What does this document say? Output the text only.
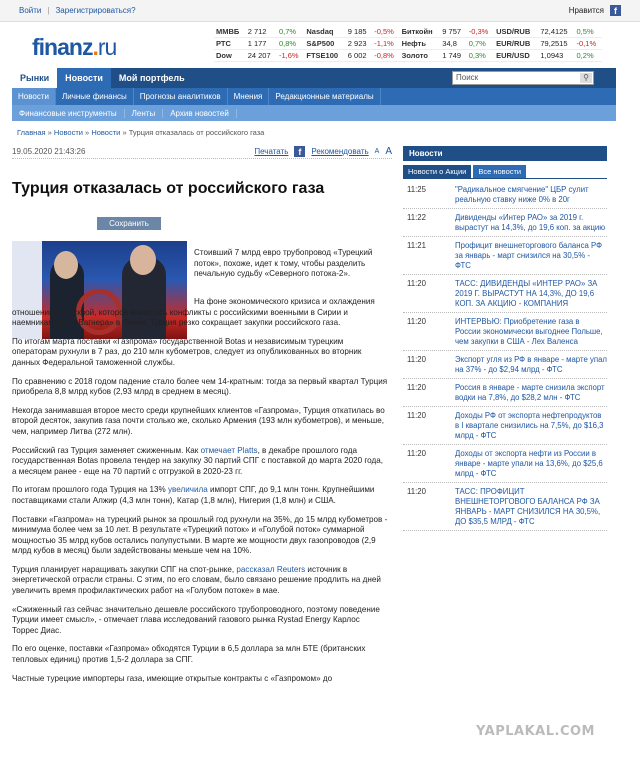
Войти | Зарегистрироваться?	Нравится	f
finanz.ru
ММВБ	2 712	0,7%	Nasdaq	9 185	-0,5%	Биткойн	9 757	-0,3%	USD/RUB	72,4125	0,5%
РТС	1 177	0,8%	S&P500	2 923	-1,1%	Нефть	34,8	0,7%	EUR/RUB	79,2515	-0,1%
Dow	24 207	-1,6%	FTSE100	6 002	-0,8%	Золото	1 749	0,3%	EUR/USD	1,0943	0,2%
Рынки	Новости	Мой портфель	Поиск	⚲
Новости	Личные финансы	Прогнозы аналитиков	Мнения	Редакционные материалы
Финансовые инструменты	Ленты	Архив новостей
Главная » Новости » Новости » Турция отказалась от российского газа
19.05.2020 21:43:26	Печатать	f	Рекомендовать A A
Турция отказалась от российского газа
Сохранить

Стоивший 7 млрд евро трубопровод «Турецкий поток», похоже, идет к тому, чтобы разделить печальную судьбу «Северного потока-2».

На фоне экономического кризиса и охлаждения отношений с Москвой, которое вылилось конфликты с российскими военными в Сирии и наемникам ЧВК «Вагнера» в Ливии, Турция резко сокращает закупки российского газа.

По итогам марта поставки «Газпрома» государственной Botas и независимым турецким операторам рухнули в 7 раз, до 210 млн кубометров, следует из опубликованных во вторник данных Федеральной таможенной службы.

По сравнению с 2018 годом падение стало более чем 14-кратным: тогда за первый квартал Турция приобрела 8,8 млрд кубов (2,93 млрд в среднем в месяц).

Некогда занимавшая второе место среди крупнейших клиентов «Газпрома», Турция откатилась во второй десяток, закупив газа почти столько же, сколько Армения (193 млн кубометров), и меньше, чем, например Литва (272 млн).

Российский газ Турция заменяет сжиженным. Как отмечает Platts, в декабре прошлого года государственная Botas провела тендер на закупку 30 партий СПГ с поставкой до марта 2020 года, а месяцем ранее - еще на 70 партий с отгрузкой в 2020-23 гг.

По итогам прошлого года Турция на 13% увеличила импорт СПГ, до 9,1 млн тонн. Крупнейшими поставщиками стали Алжир (4,3 млн тонн), Катар (1,8 млн), Нигерия (1,8 млн) и США.

Поставки «Газпрома» на турецкий рынок за прошлый год рухнули на 35%, до 15 млрд кубометров - минимума более чем за 10 лет. В результате «Турецкий поток» и «Голубой поток» суммарной мощностью 35 млрд кубов остались полупустыми. В марте же мощности двух газопроводов (2,9 млрд кубов в месяц) были задействованы меньше чем на 10%.

Турция планирует наращивать закупки СПГ на спот-рынке, рассказал Reuters источник в энергетической отрасли страны. С этим, по его словам, было связано решение продлить на дней увеличить время профилактических работ на «Голубом потоке» в мае.

«Сжиженный газ сейчас значительно дешевле российского трубопроводного, поэтому поведение Турции имеет смысл», - отмечает глава исследований газового рынка Rystad Energy Карлос Торрес Диас.

По его оценке, поставки «Газпрома» обходятся Турции в 6,5 доллара за млн БТЕ (британских тепловых единиц) против 1,5-2 доллара за СПГ.

Частные турецкие импортеры газа, имеющие открытые контракты с «Газпромом» до

Новости
Новости о Акции	Все новости
11:25	"Радикальное смягчение" ЦБР сулит реальную ставку ниже 0% в 20г
11:22	Дивиденды «Интер РАО» за 2019 г. вырастут на 14,3%, до 19,6 коп. за акцию
11:21	Профицит внешнеторгового баланса РФ за январь - март снизился на 30,5% - ФТС
11:20	ТАСС: ДИВИДЕНДЫ «ИНТЕР РАО» ЗА 2019 Г. ВЫРАСТУТ НА 14,3%, ДО 19,6 КОП. ЗА АКЦИЮ - КОМПАНИЯ
11:20	ИНТЕРВЬЮ: Приобретение газа в России экономически выгоднее Польше, чем закупки в США - Лех Валенса
11:20	Экспорт угля из РФ в январе - марте упал на 37% - до $2,94 млрд - ФТС
11:20	Россия в январе - марте снизила экспорт водки на 7,8%, до $28,2 млн - ФТС
11:20	Доходы РФ от экспорта нефтепродуктов в I квартале снизились на 7,5%, до $16,3 млрд - ФТС
11:20	Доходы от экспорта нефти из России в январе - марте упали на 13,6%, до $25,6 млрд - ФТС
11:20	ТАСС: ПРОФИЦИТ ВНЕШНЕТОРГОВОГО БАЛАНСА РФ ЗА ЯНВАРЬ - МАРТ СНИЗИЛСЯ НА 30,5%, ДО $35,5 МЛРД - ФТС
YAPLAKAL.COM
